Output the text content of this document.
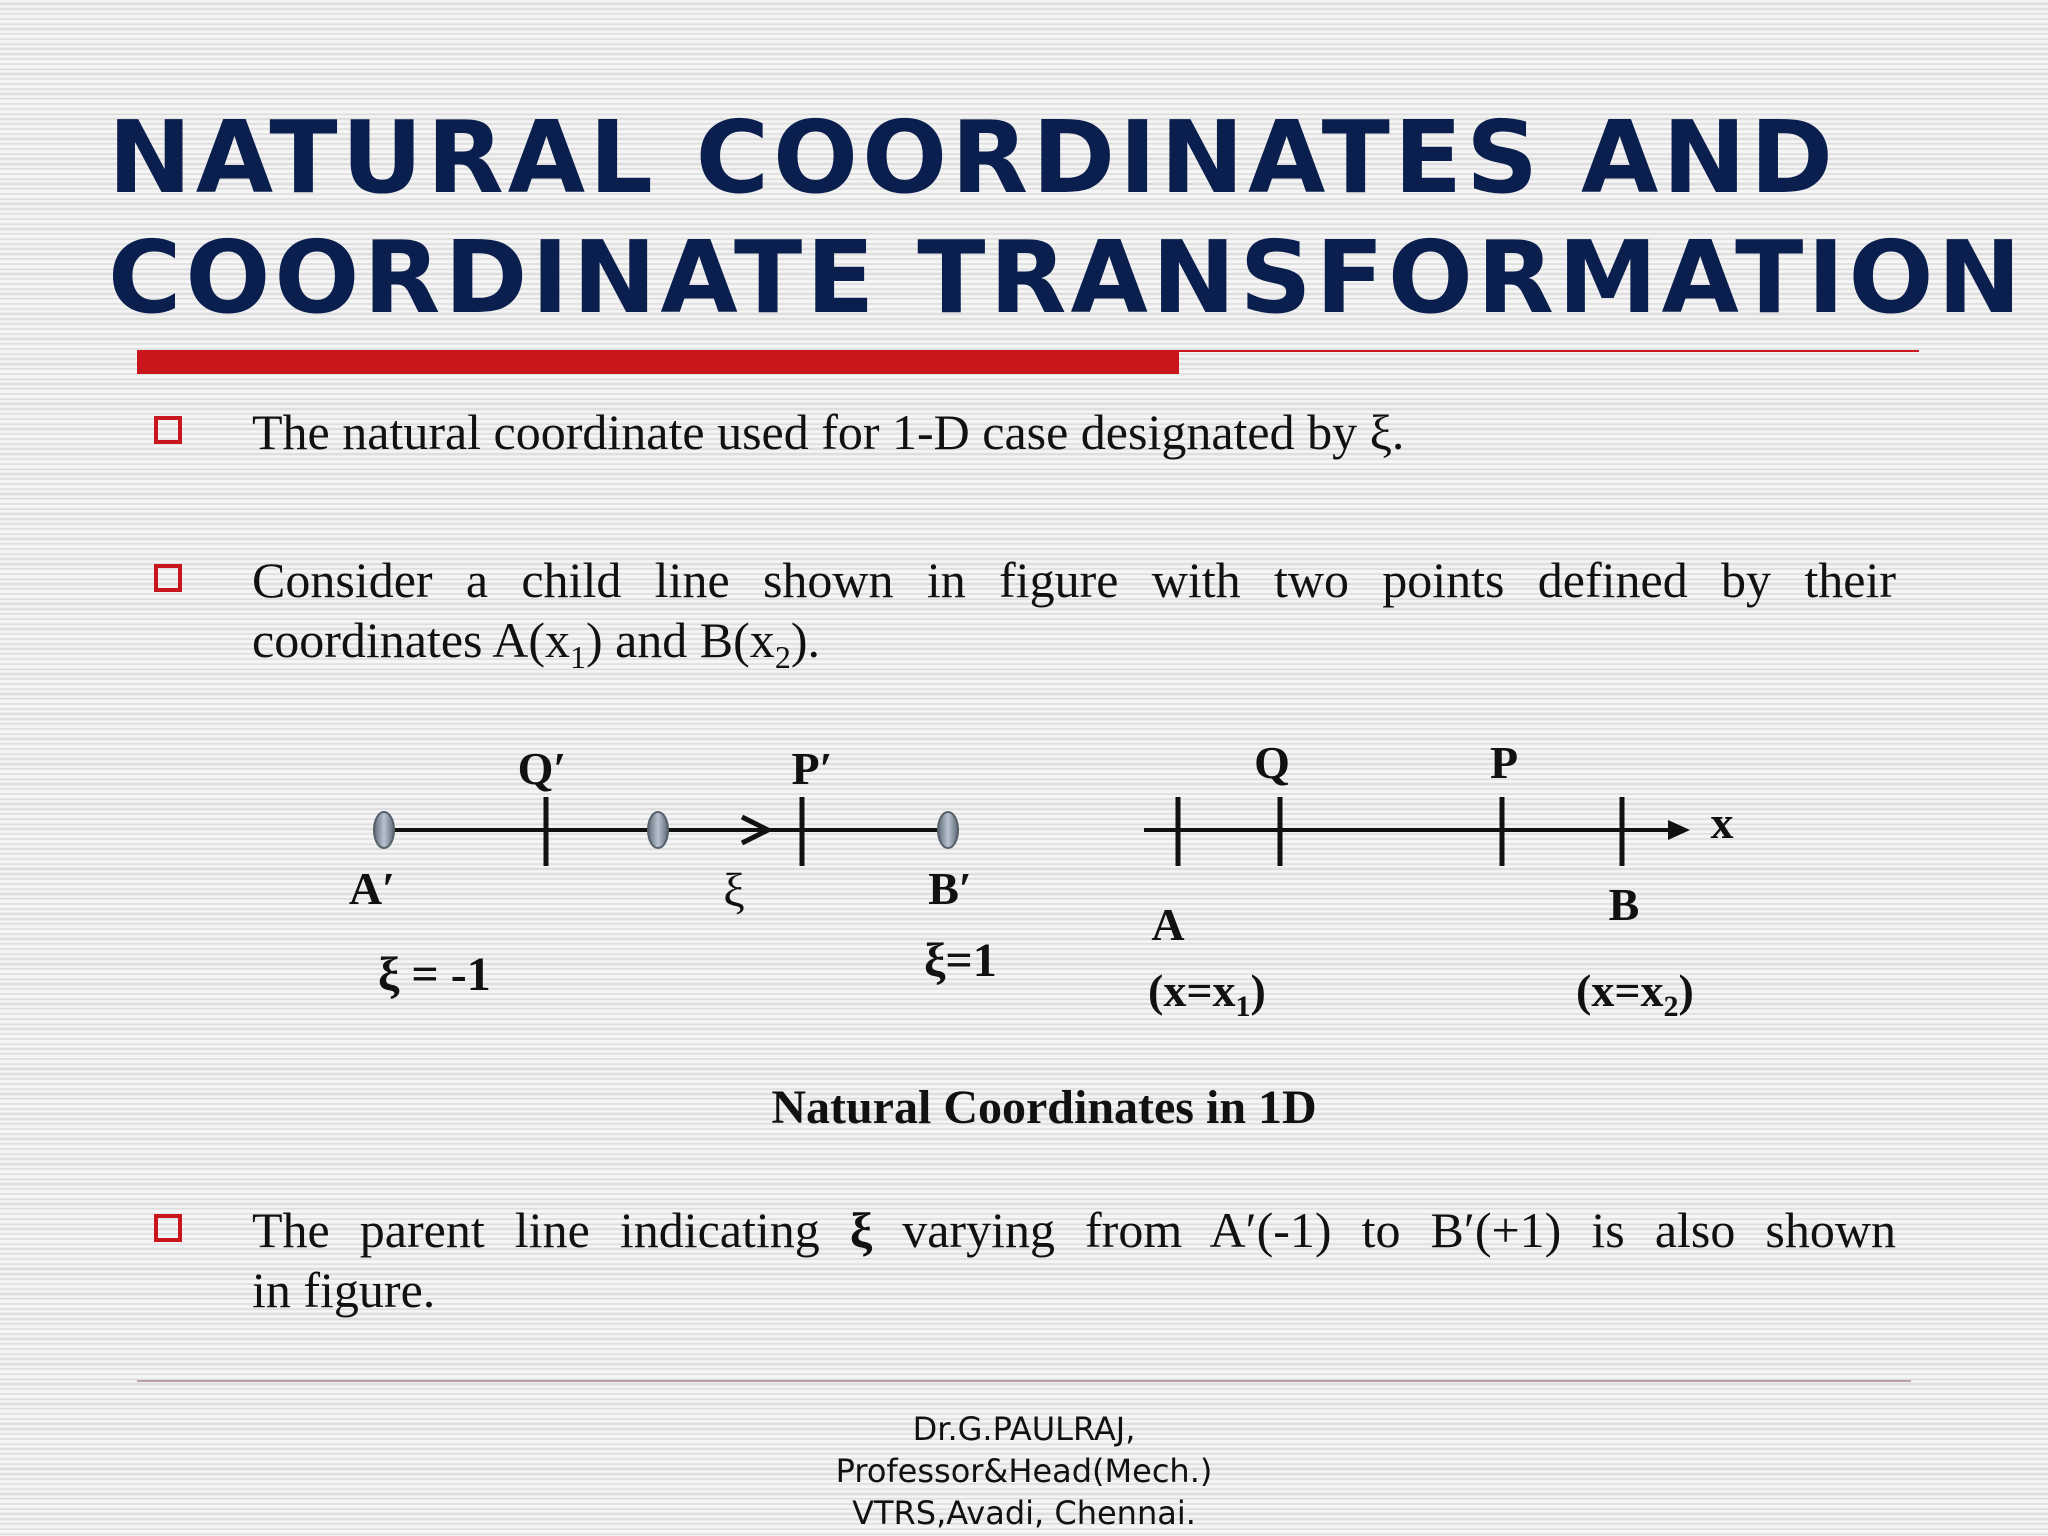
NATURAL COORDINATES AND
COORDINATE TRANSFORMATION

The natural coordinate used for 1-D case designated by ξ.

Consider a child line shown in figure with two points defined by their
coordinates $A(x_1)$ and $B(x_2)$.

Q′	P′
A′	B′
ξ
ξ = -1	ξ=1
Q	P
x
A	B
$(x=x_1)$	$(x=x_2)$

Natural Coordinates in 1D

The parent line indicating ξ varying from A′(-1) to B′(+1) is also shown
in figure.

Dr.G.PAULRAJ,
Professor&Head(Mech.)
VTRS,Avadi, Chennai.
